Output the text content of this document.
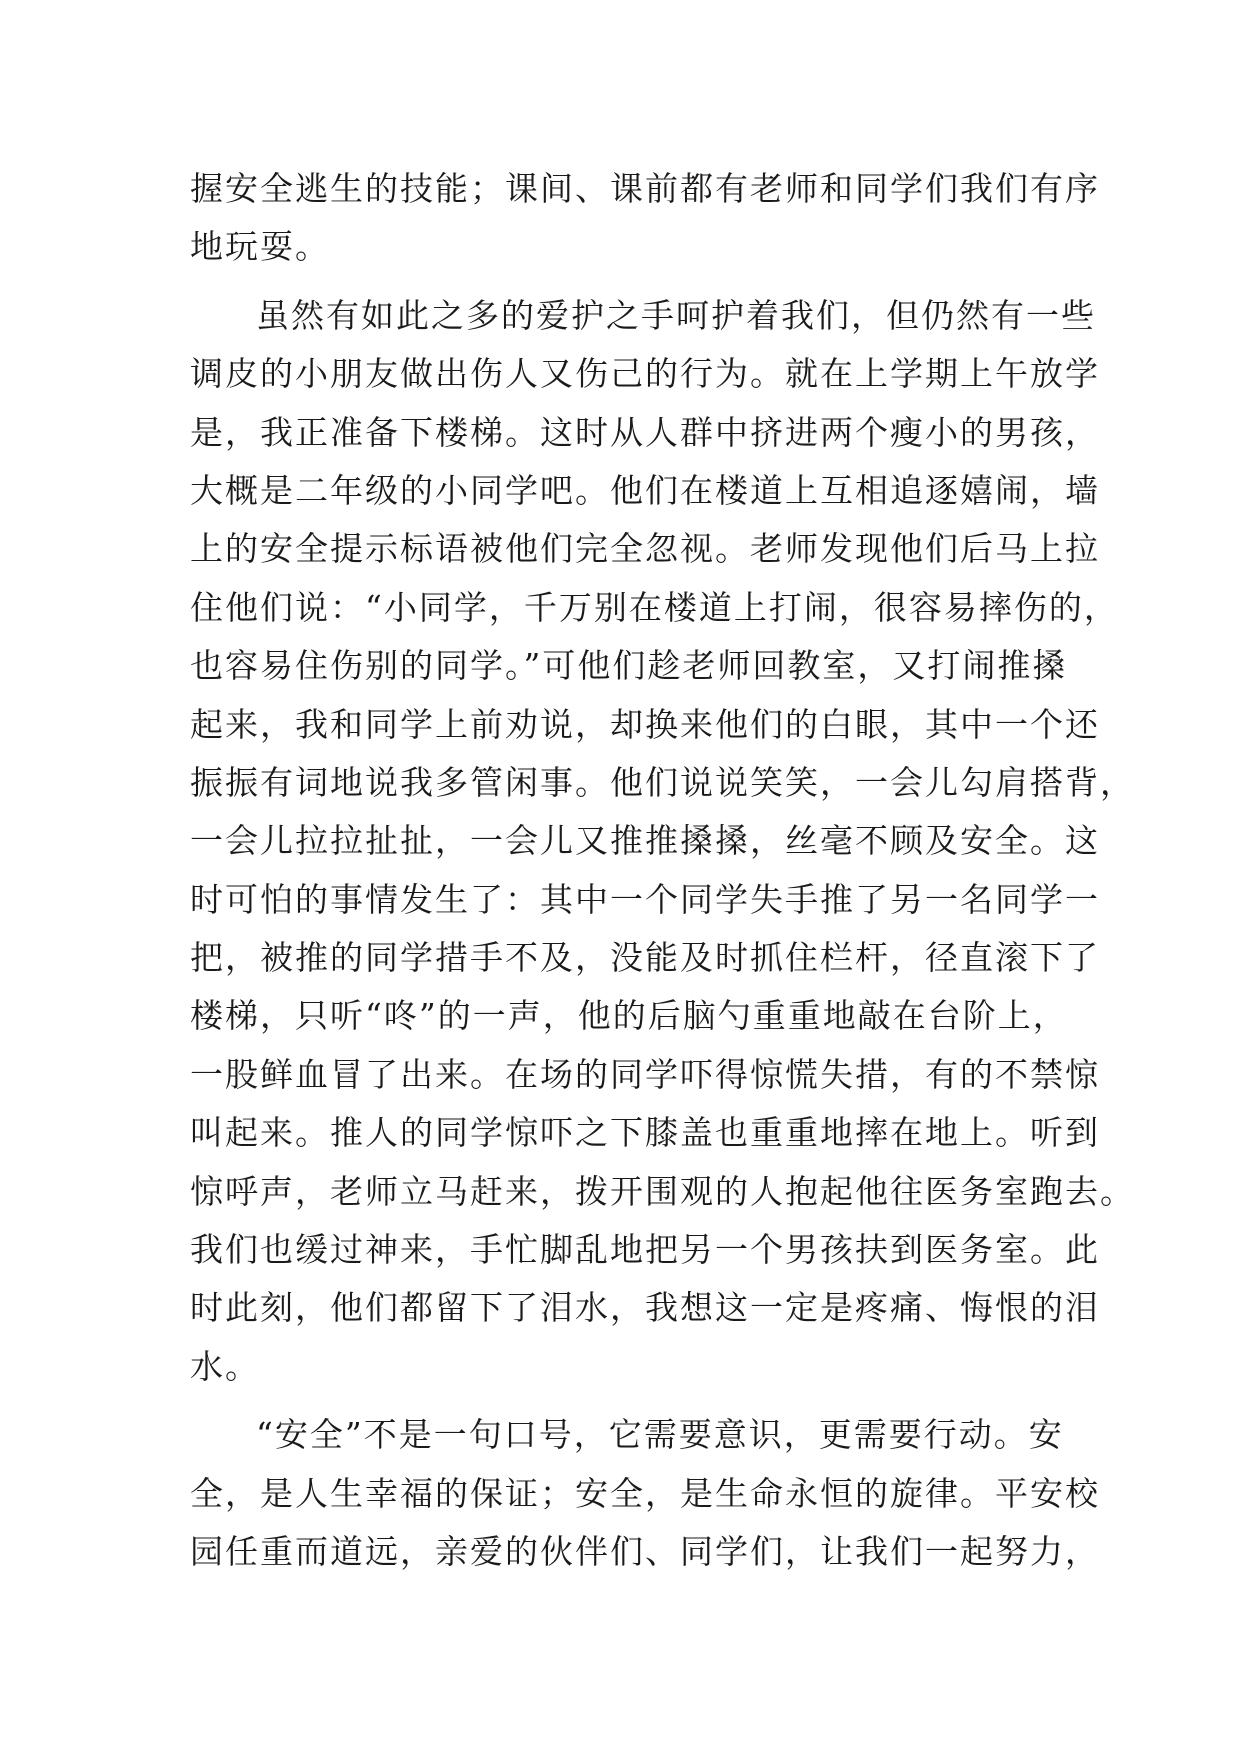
握安全逃生的技能；课间、课前都有老师和同学们我们有序
地玩耍。
虽然有如此之多的爱护之手呵护着我们，但仍然有一些
调皮的小朋友做出伤人又伤己的行为。就在上学期上午放学
是，我正准备下楼梯。这时从人群中挤进两个瘦小的男孩，
大概是二年级的小同学吧。他们在楼道上互相追逐嬉闹，墙
上的安全提示标语被他们完全忽视。老师发现他们后马上拉
住他们说：“小同学，千万别在楼道上打闹，很容易摔伤的，
也容易住伤别的同学。”可他们趁老师回教室，又打闹推搡
起来，我和同学上前劝说，却换来他们的白眼，其中一个还
振振有词地说我多管闲事。他们说说笑笑，一会儿勾肩搭背，
一会儿拉拉扯扯，一会儿又推推搡搡，丝毫不顾及安全。这
时可怕的事情发生了：其中一个同学失手推了另一名同学一
把，被推的同学措手不及，没能及时抓住栏杆，径直滚下了
楼梯，只听“咚”的一声，他的后脑勺重重地敲在台阶上，
一股鲜血冒了出来。在场的同学吓得惊慌失措，有的不禁惊
叫起来。推人的同学惊吓之下膝盖也重重地摔在地上。听到
惊呼声，老师立马赶来，拨开围观的人抱起他往医务室跑去。
我们也缓过神来，手忙脚乱地把另一个男孩扶到医务室。此
时此刻，他们都留下了泪水，我想这一定是疼痛、悔恨的泪
水。
“安全”不是一句口号，它需要意识，更需要行动。安
全，是人生幸福的保证；安全，是生命永恒的旋律。平安校
园任重而道远，亲爱的伙伴们、同学们，让我们一起努力，
